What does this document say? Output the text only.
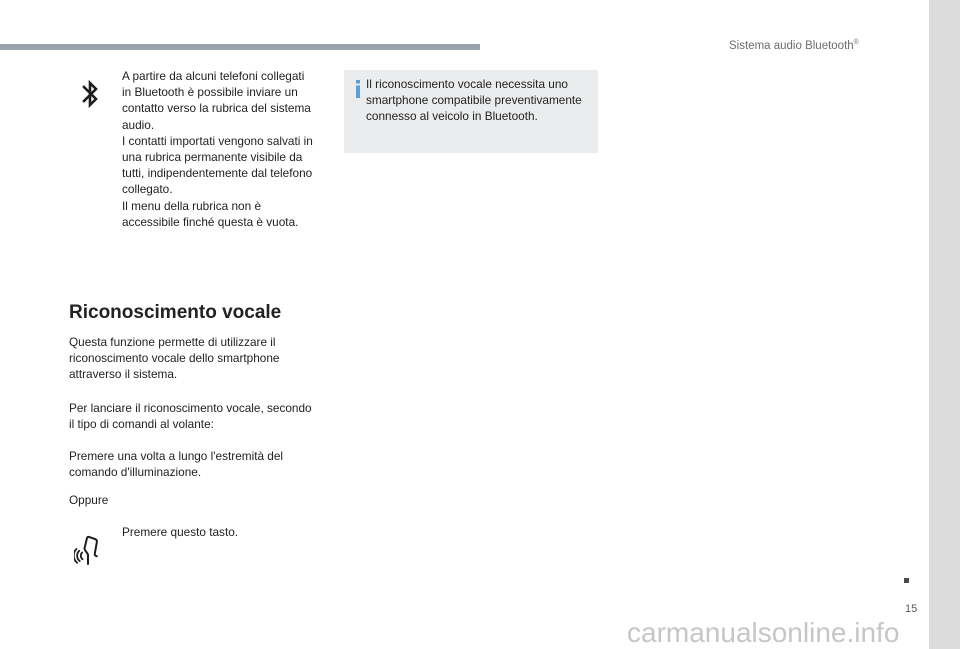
Sistema audio Bluetooth®
A partire da alcuni telefoni collegati
in Bluetooth è possibile inviare un
contatto verso la rubrica del sistema
audio.
I contatti importati vengono salvati in
una rubrica permanente visibile da
tutti, indipendentemente dal telefono
collegato.
Il menu della rubrica non è
accessibile finché questa è vuota.
Il riconoscimento vocale necessita uno
smartphone compatibile preventivamente
connesso al veicolo in Bluetooth.
Riconoscimento vocale
Questa funzione permette di utilizzare il
riconoscimento vocale dello smartphone
attraverso il sistema.
Per lanciare il riconoscimento vocale, secondo
il tipo di comandi al volante:
Premere una volta a lungo l'estremità del
comando d'illuminazione.
Oppure
Premere questo tasto.
15
carmanualsonline.info
